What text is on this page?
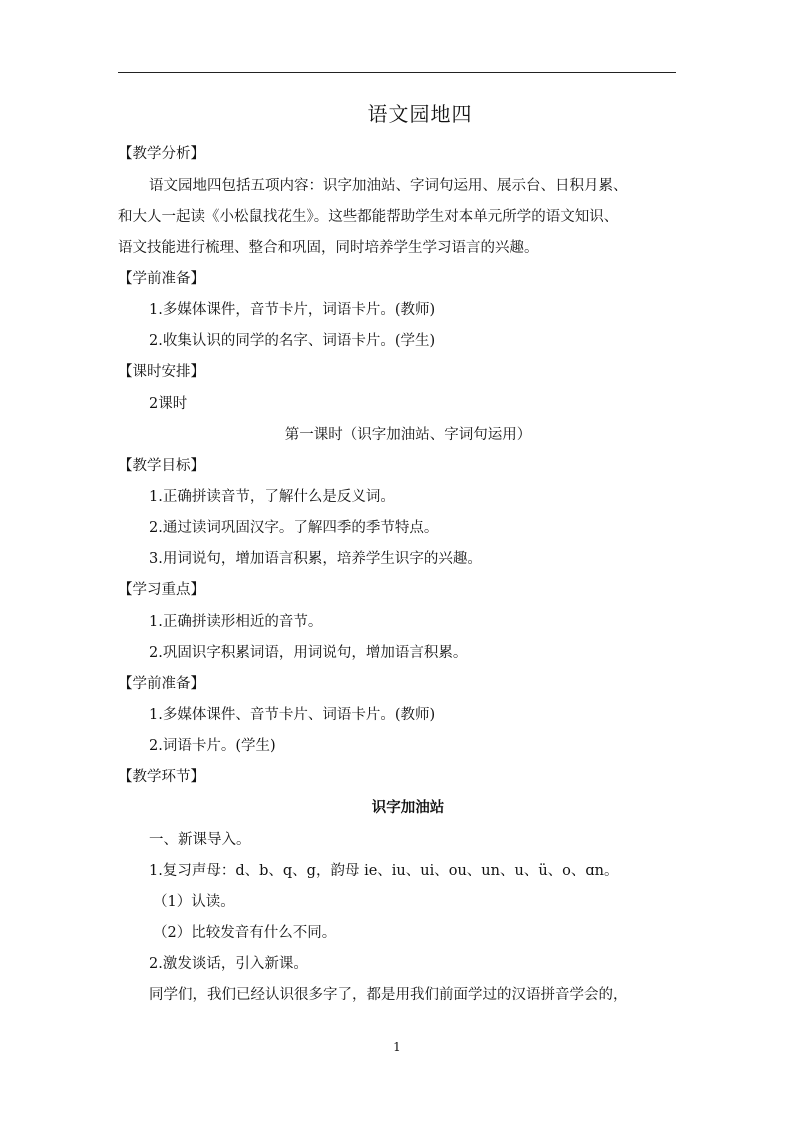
语文园地四
【教学分析】
语文园地四包括五项内容：识字加油站、字词句运用、展示台、日积月累、
和大人一起读《小松鼠找花生》。这些都能帮助学生对本单元所学的语文知识、
语文技能进行梳理、整合和巩固，同时培养学生学习语言的兴趣。
【学前准备】
1.多媒体课件，音节卡片，词语卡片。(教师)
2.收集认识的同学的名字、词语卡片。(学生)
【课时安排】
2课时
第一课时（识字加油站、字词句运用）
【教学目标】
1.正确拼读音节，了解什么是反义词。
2.通过读词巩固汉字。了解四季的季节特点。
3.用词说句，增加语言积累，培养学生识字的兴趣。
【学习重点】
1.正确拼读形相近的音节。
2.巩固识字积累词语，用词说句，增加语言积累。
【学前准备】
1.多媒体课件、音节卡片、词语卡片。(教师)
2.词语卡片。(学生)
【教学环节】
识字加油站
一、新课导入。
1.复习声母：d、b、q、g，韵母 ie、iu、ui、ou、un、u、ü、o、ɑn。
（1）认读。
（2）比较发音有什么不同。
2.激发谈话，引入新课。
同学们，我们已经认识很多字了，都是用我们前面学过的汉语拼音学会的，
1
